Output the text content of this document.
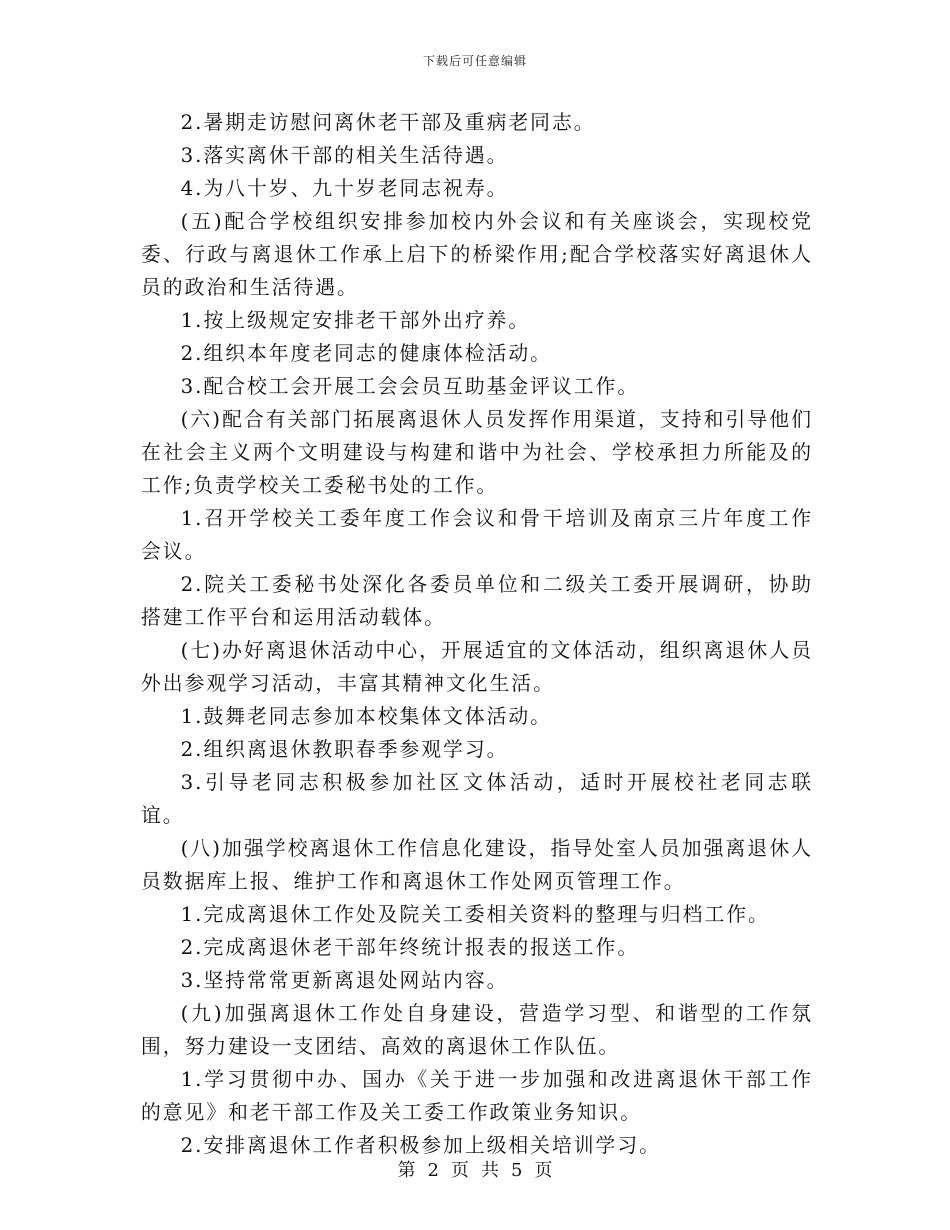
下载后可任意编辑

2.暑期走访慰问离休老干部及重病老同志。

3.落实离休干部的相关生活待遇。

4.为八十岁、九十岁老同志祝寿。

(五)配合学校组织安排参加校内外会议和有关座谈会，实现校党委、行政与离退休工作承上启下的桥梁作用;配合学校落实好离退休人员的政治和生活待遇。

1.按上级规定安排老干部外出疗养。

2.组织本年度老同志的健康体检活动。

3.配合校工会开展工会会员互助基金评议工作。

(六)配合有关部门拓展离退休人员发挥作用渠道，支持和引导他们在社会主义两个文明建设与构建和谐中为社会、学校承担力所能及的工作;负责学校关工委秘书处的工作。

1.召开学校关工委年度工作会议和骨干培训及南京三片年度工作会议。

2.院关工委秘书处深化各委员单位和二级关工委开展调研，协助搭建工作平台和运用活动载体。

(七)办好离退休活动中心，开展适宜的文体活动，组织离退休人员外出参观学习活动，丰富其精神文化生活。

1.鼓舞老同志参加本校集体文体活动。

2.组织离退休教职春季参观学习。

3.引导老同志积极参加社区文体活动，适时开展校社老同志联谊。

(八)加强学校离退休工作信息化建设，指导处室人员加强离退休人员数据库上报、维护工作和离退休工作处网页管理工作。

1.完成离退休工作处及院关工委相关资料的整理与归档工作。

2.完成离退休老干部年终统计报表的报送工作。

3.坚持常常更新离退处网站内容。

(九)加强离退休工作处自身建设，营造学习型、和谐型的工作氛围，努力建设一支团结、高效的离退休工作队伍。

1.学习贯彻中办、国办《关于进一步加强和改进离退休干部工作的意见》和老干部工作及关工委工作政策业务知识。

2.安排离退休工作者积极参加上级相关培训学习。

第 2 页 共 5 页
